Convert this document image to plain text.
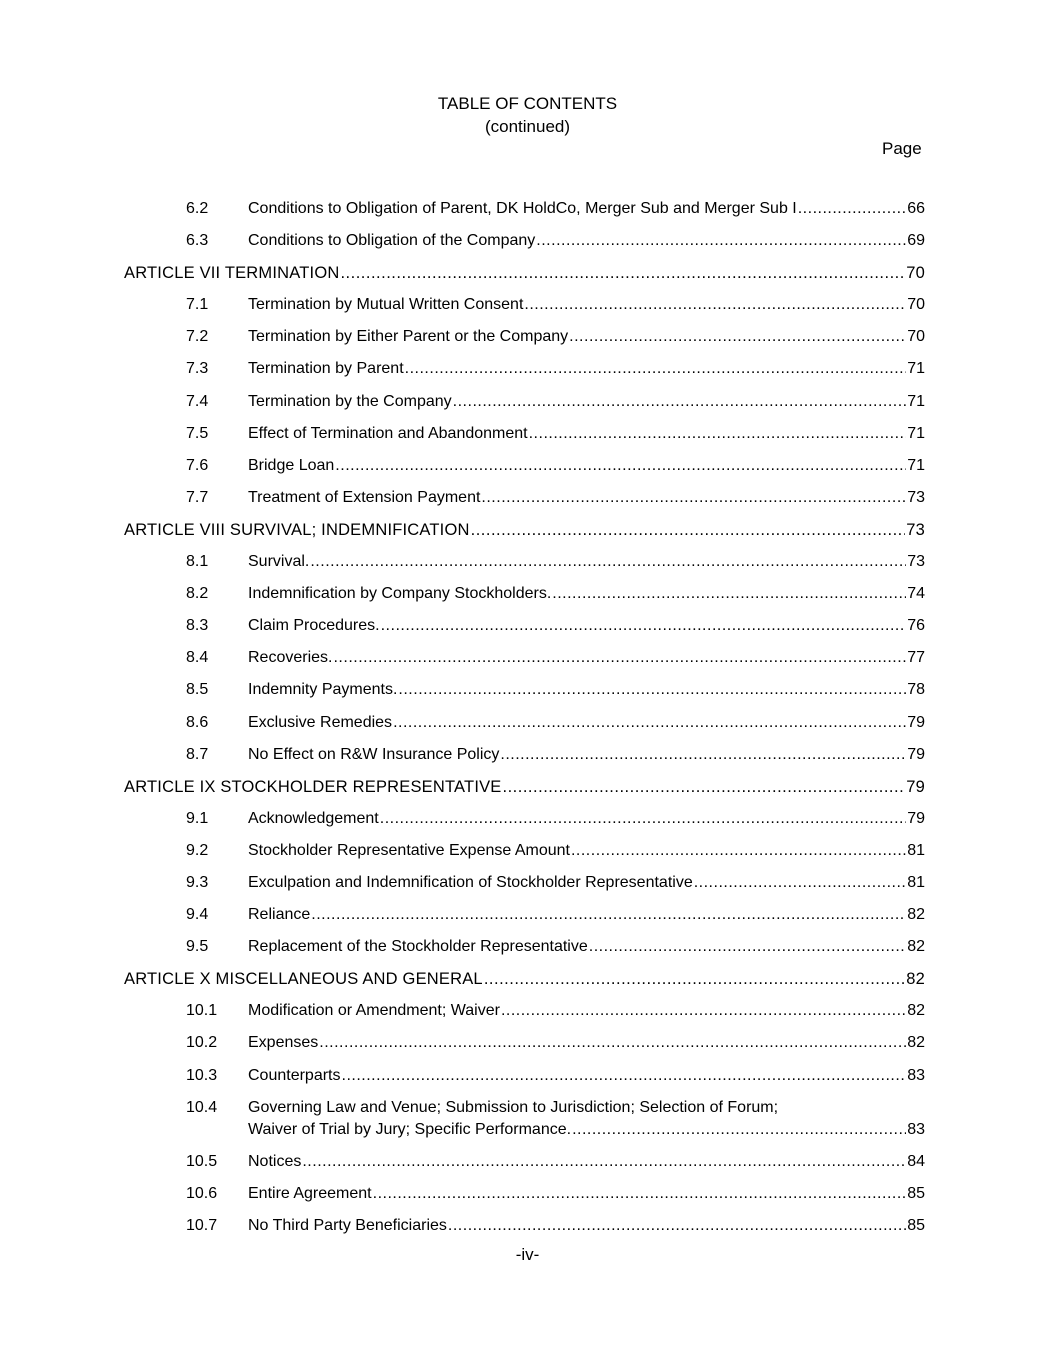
TABLE OF CONTENTS
(continued)
Page
6.2 Conditions to Obligation of Parent, DK HoldCo, Merger Sub and Merger Sub I .....	66
6.3 Conditions to Obligation of the Company .....	69
ARTICLE VII TERMINATION .....	70
7.1 Termination by Mutual Written Consent .....	70
7.2 Termination by Either Parent or the Company .....	70
7.3 Termination by Parent .....	71
7.4 Termination by the Company .....	71
7.5 Effect of Termination and Abandonment .....	71
7.6 Bridge Loan .....	71
7.7 Treatment of Extension Payment .....	73
ARTICLE VIII SURVIVAL; INDEMNIFICATION .....	73
8.1 Survival. .....	73
8.2 Indemnification by Company Stockholders. .....	74
8.3 Claim Procedures. .....	76
8.4 Recoveries. .....	77
8.5 Indemnity Payments. .....	78
8.6 Exclusive Remedies .....	79
8.7 No Effect on R&W Insurance Policy .....	79
ARTICLE IX STOCKHOLDER REPRESENTATIVE .....	79
9.1 Acknowledgement .....	79
9.2 Stockholder Representative Expense Amount .....	81
9.3 Exculpation and Indemnification of Stockholder Representative .....	81
9.4 Reliance .....	82
9.5 Replacement of the Stockholder Representative .....	82
ARTICLE X MISCELLANEOUS AND GENERAL .....	82
10.1 Modification or Amendment; Waiver .....	82
10.2 Expenses .....	82
10.3 Counterparts .....	83
10.4 Governing Law and Venue; Submission to Jurisdiction; Selection of Forum;
Waiver of Trial by Jury; Specific Performance. .....	83
10.5 Notices .....	84
10.6 Entire Agreement .....	85
10.7 No Third Party Beneficiaries .....	85
-iv-
